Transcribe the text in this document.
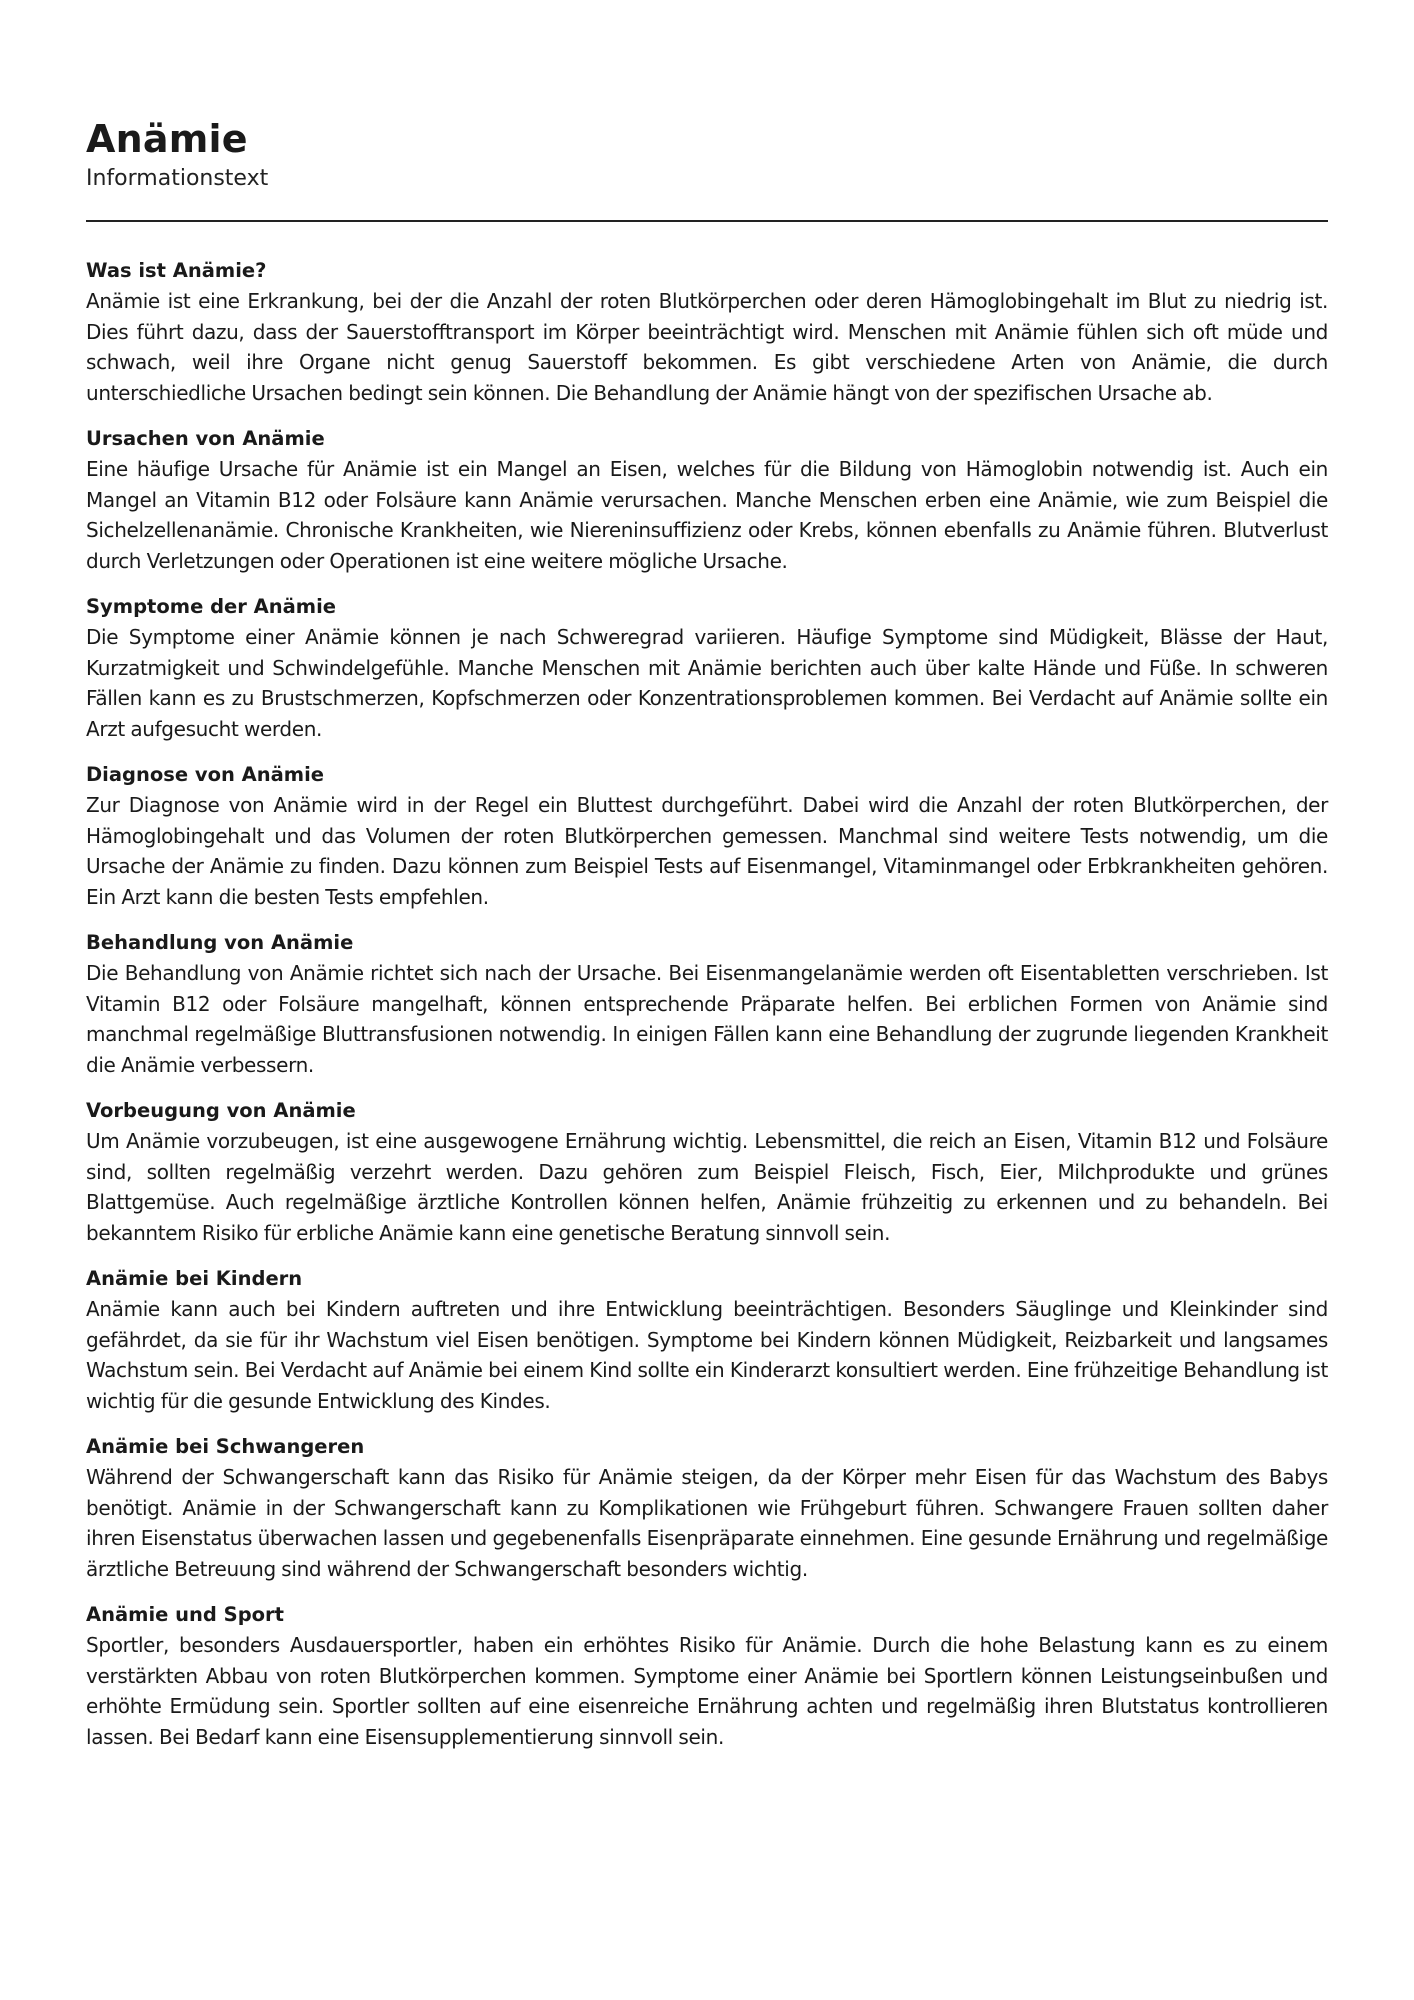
Anämie
Informationstext
Was ist Anämie?

Anämie ist eine Erkrankung, bei der die Anzahl der roten Blutkörperchen oder deren Hämoglobingehalt im Blut zu niedrig ist. Dies führt dazu, dass der Sauerstofftransport im Körper beeinträchtigt wird. Menschen mit Anämie fühlen sich oft müde und schwach, weil ihre Organe nicht genug Sauerstoff bekommen. Es gibt verschiedene Arten von Anämie, die durch unterschiedliche Ursachen bedingt sein können. Die Behandlung der Anämie hängt von der spezifischen Ursache ab.

Ursachen von Anämie

Eine häufige Ursache für Anämie ist ein Mangel an Eisen, welches für die Bildung von Hämoglobin notwendig ist. Auch ein Mangel an Vitamin B12 oder Folsäure kann Anämie verursachen. Manche Menschen erben eine Anämie, wie zum Beispiel die Sichelzellenanämie. Chronische Krankheiten, wie Niereninsuffizienz oder Krebs, können ebenfalls zu Anämie führen. Blutverlust durch Verletzungen oder Operationen ist eine weitere mögliche Ursache.

Symptome der Anämie

Die Symptome einer Anämie können je nach Schweregrad variieren. Häufige Symptome sind Müdigkeit, Blässe der Haut, Kurzatmigkeit und Schwindelgefühle. Manche Menschen mit Anämie berichten auch über kalte Hände und Füße. In schweren Fällen kann es zu Brustschmerzen, Kopfschmerzen oder Konzentrationsproblemen kommen. Bei Verdacht auf Anämie sollte ein Arzt aufgesucht werden.

Diagnose von Anämie

Zur Diagnose von Anämie wird in der Regel ein Bluttest durchgeführt. Dabei wird die Anzahl der roten Blutkörperchen, der Hämoglobingehalt und das Volumen der roten Blutkörperchen gemessen. Manchmal sind weitere Tests notwendig, um die Ursache der Anämie zu finden. Dazu können zum Beispiel Tests auf Eisenmangel, Vitaminmangel oder Erbkrankheiten gehören. Ein Arzt kann die besten Tests empfehlen.

Behandlung von Anämie

Die Behandlung von Anämie richtet sich nach der Ursache. Bei Eisenmangelanämie werden oft Eisentabletten verschrieben. Ist Vitamin B12 oder Folsäure mangelhaft, können entsprechende Präparate helfen. Bei erblichen Formen von Anämie sind manchmal regelmäßige Bluttransfusionen notwendig. In einigen Fällen kann eine Behandlung der zugrunde liegenden Krankheit die Anämie verbessern.

Vorbeugung von Anämie

Um Anämie vorzubeugen, ist eine ausgewogene Ernährung wichtig. Lebensmittel, die reich an Eisen, Vitamin B12 und Folsäure sind, sollten regelmäßig verzehrt werden. Dazu gehören zum Beispiel Fleisch, Fisch, Eier, Milchprodukte und grünes Blattgemüse. Auch regelmäßige ärztliche Kontrollen können helfen, Anämie frühzeitig zu erkennen und zu behandeln. Bei bekanntem Risiko für erbliche Anämie kann eine genetische Beratung sinnvoll sein.

Anämie bei Kindern

Anämie kann auch bei Kindern auftreten und ihre Entwicklung beeinträchtigen. Besonders Säuglinge und Kleinkinder sind gefährdet, da sie für ihr Wachstum viel Eisen benötigen. Symptome bei Kindern können Müdigkeit, Reizbarkeit und langsames Wachstum sein. Bei Verdacht auf Anämie bei einem Kind sollte ein Kinderarzt konsultiert werden. Eine frühzeitige Behandlung ist wichtig für die gesunde Entwicklung des Kindes.

Anämie bei Schwangeren

Während der Schwangerschaft kann das Risiko für Anämie steigen, da der Körper mehr Eisen für das Wachstum des Babys benötigt. Anämie in der Schwangerschaft kann zu Komplikationen wie Frühgeburt führen. Schwangere Frauen sollten daher ihren Eisenstatus überwachen lassen und gegebenenfalls Eisenpräparate einnehmen. Eine gesunde Ernährung und regelmäßige ärztliche Betreuung sind während der Schwangerschaft besonders wichtig.

Anämie und Sport

Sportler, besonders Ausdauersportler, haben ein erhöhtes Risiko für Anämie. Durch die hohe Belastung kann es zu einem verstärkten Abbau von roten Blutkörperchen kommen. Symptome einer Anämie bei Sportlern können Leistungseinbußen und erhöhte Ermüdung sein. Sportler sollten auf eine eisenreiche Ernährung achten und regelmäßig ihren Blutstatus kontrollieren lassen. Bei Bedarf kann eine Eisensupplementierung sinnvoll sein.
